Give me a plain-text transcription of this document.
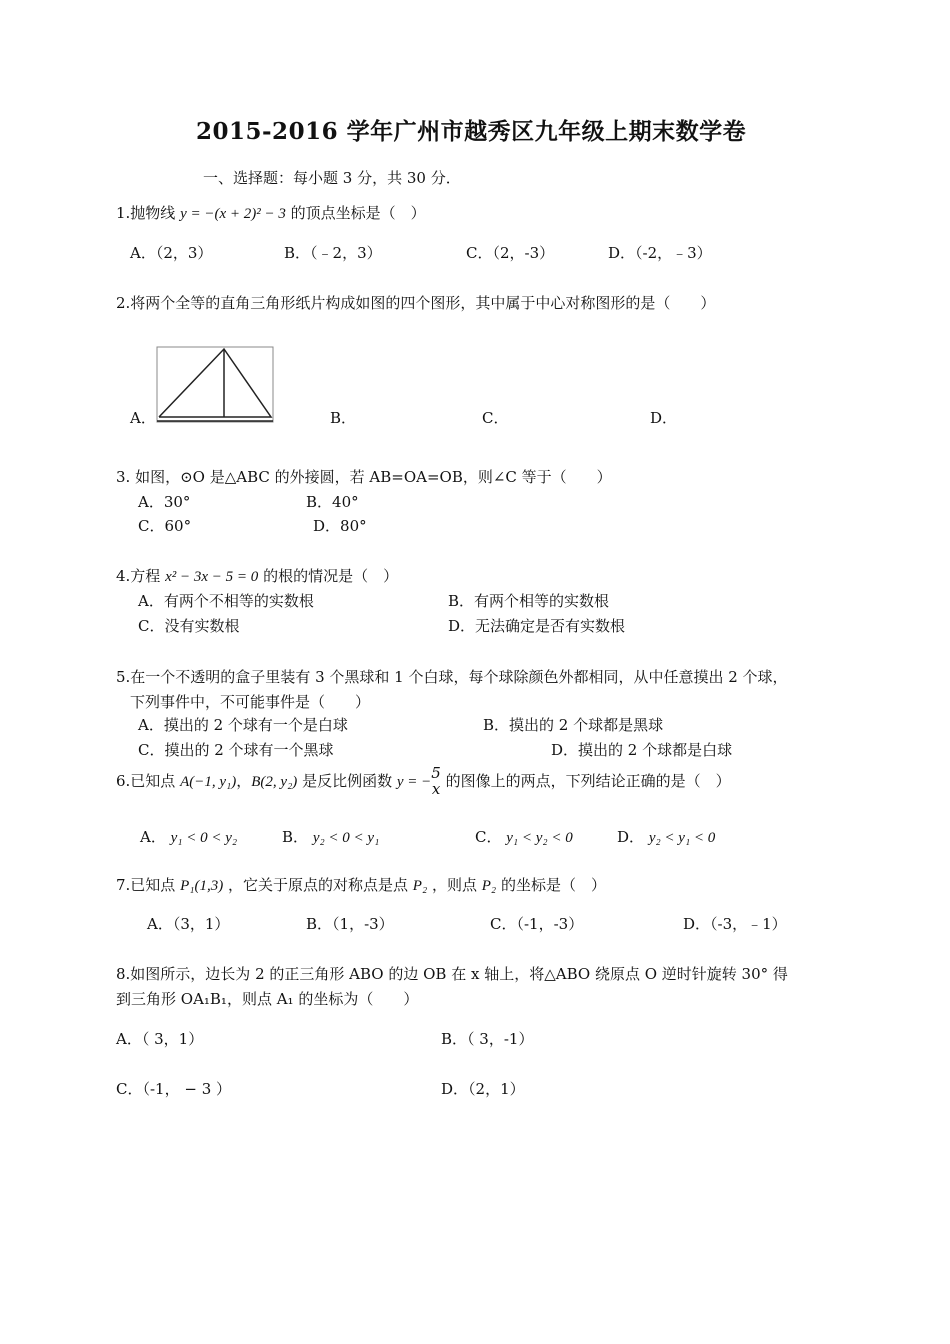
2015-2016 学年广州市越秀区九年级上期末数学卷
一、选择题：每小题 3 分，共 30 分．
1.抛物线 y = −(x + 2)² − 3 的顶点坐标是（　）
A．（2，3）	B．（﹣2，3）	C．（2，-3）	D．（-2，﹣3）
2.将两个全等的直角三角形纸片构成如图的四个图形，其中属于中心对称图形的是（　　）
A．	B．	C．	D．
3. 如图，⊙O 是△ABC 的外接圆，若 AB=OA=OB，则∠C 等于（　　）
A．30°	B．40°
C．60°	D．80°
4.方程 x² − 3x − 5 = 0 的根的情况是（　）
A．有两个不相等的实数根	B．有两个相等的实数根
C．没有实数根	D．无法确定是否有实数根
5.在一个不透明的盒子里装有 3 个黑球和 1 个白球，每个球除颜色外都相同，从中任意摸出 2 个球，
下列事件中，不可能事件是（　　）
A．摸出的 2 个球有一个是白球	B．摸出的 2 个球都是黑球
C．摸出的 2 个球有一个黑球	D．摸出的 2 个球都是白球
6.已知点 A(−1, y₁)，B(2, y₂) 是反比例函数 y = − 5
x 的图像上的两点，下列结论正确的是（　）
A． y₁ < 0 < y₂	B． y₂ < 0 < y₁	C． y₁ < y₂ < 0	D． y₂ < y₁ < 0
7.已知点 P₁(1,3) ，它关于原点的对称点是点 P₂ ，则点 P₂ 的坐标是（　）
A．（3，1）	B．（1，-3）	C．（-1，-3）	D．（-3，﹣1）
8.如图所示，边长为 2 的正三角形 ABO 的边 OB 在 x 轴上，将△ABO 绕原点 O 逆时针旋转 30° 得
到三角形 OA₁B₁，则点 A₁ 的坐标为（　　）
A．（ 3，1）	B．（ 3，-1）
C．（-1， − 3 ）	D．（2，1）
